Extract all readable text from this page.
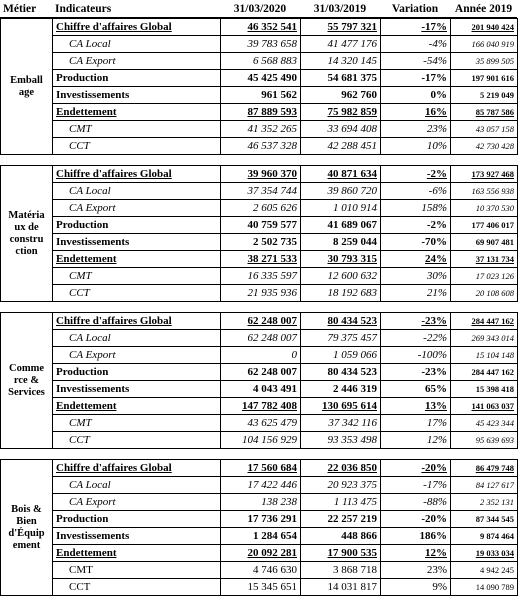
Métier	Indicateurs	31/03/2020	31/03/2019	Variation	Année 2019
Emball age	Chiffre d'affaires Global	46 352 541	55 797 321	-17%	201 940 424
	CA Local	39 783 658	41 477 176	-4%	166 040 919
	CA Export	6 568 883	14 320 145	-54%	35 899 505
	Production	45 425 490	54 681 375	-17%	197 901 616
	Investissements	961 562	962 760	0%	5 219 049
	Endettement	87 889 593	75 982 859	16%	85 787 586
	CMT	41 352 265	33 694 408	23%	43 057 158
	CCT	46 537 328	42 288 451	10%	42 730 428
Matéria ux de constru ction	Chiffre d'affaires Global	39 960 370	40 871 634	-2%	173 927 468
	CA Local	37 354 744	39 860 720	-6%	163 556 938
	CA Export	2 605 626	1 010 914	158%	10 370 530
	Production	40 759 577	41 689 067	-2%	177 406 017
	Investissements	2 502 735	8 259 044	-70%	69 907 481
	Endettement	38 271 533	30 793 315	24%	37 131 734
	CMT	16 335 597	12 600 632	30%	17 023 126
	CCT	21 935 936	18 192 683	21%	20 108 608
Comme rce & Services	Chiffre d'affaires Global	62 248 007	80 434 523	-23%	284 447 162
	CA Local	62 248 007	79 375 457	-22%	269 343 014
	CA Export	0	1 059 066	-100%	15 104 148
	Production	62 248 007	80 434 523	-23%	284 447 162
	Investissements	4 043 491	2 446 319	65%	15 398 418
	Endettement	147 782 408	130 695 614	13%	141 063 037
	CMT	43 625 479	37 342 116	17%	45 423 344
	CCT	104 156 929	93 353 498	12%	95 639 693
Bois & Bien d'Équip ement	Chiffre d'affaires Global	17 560 684	22 036 850	-20%	86 479 748
	CA Local	17 422 446	20 923 375	-17%	84 127 617
	CA Export	138 238	1 113 475	-88%	2 352 131
	Production	17 736 291	22 257 219	-20%	87 344 545
	Investissements	1 284 654	448 866	186%	9 874 464
	Endettement	20 092 281	17 900 535	12%	19 033 034
	CMT	4 746 630	3 868 718	23%	4 942 245
	CCT	15 345 651	14 031 817	9%	14 090 789
